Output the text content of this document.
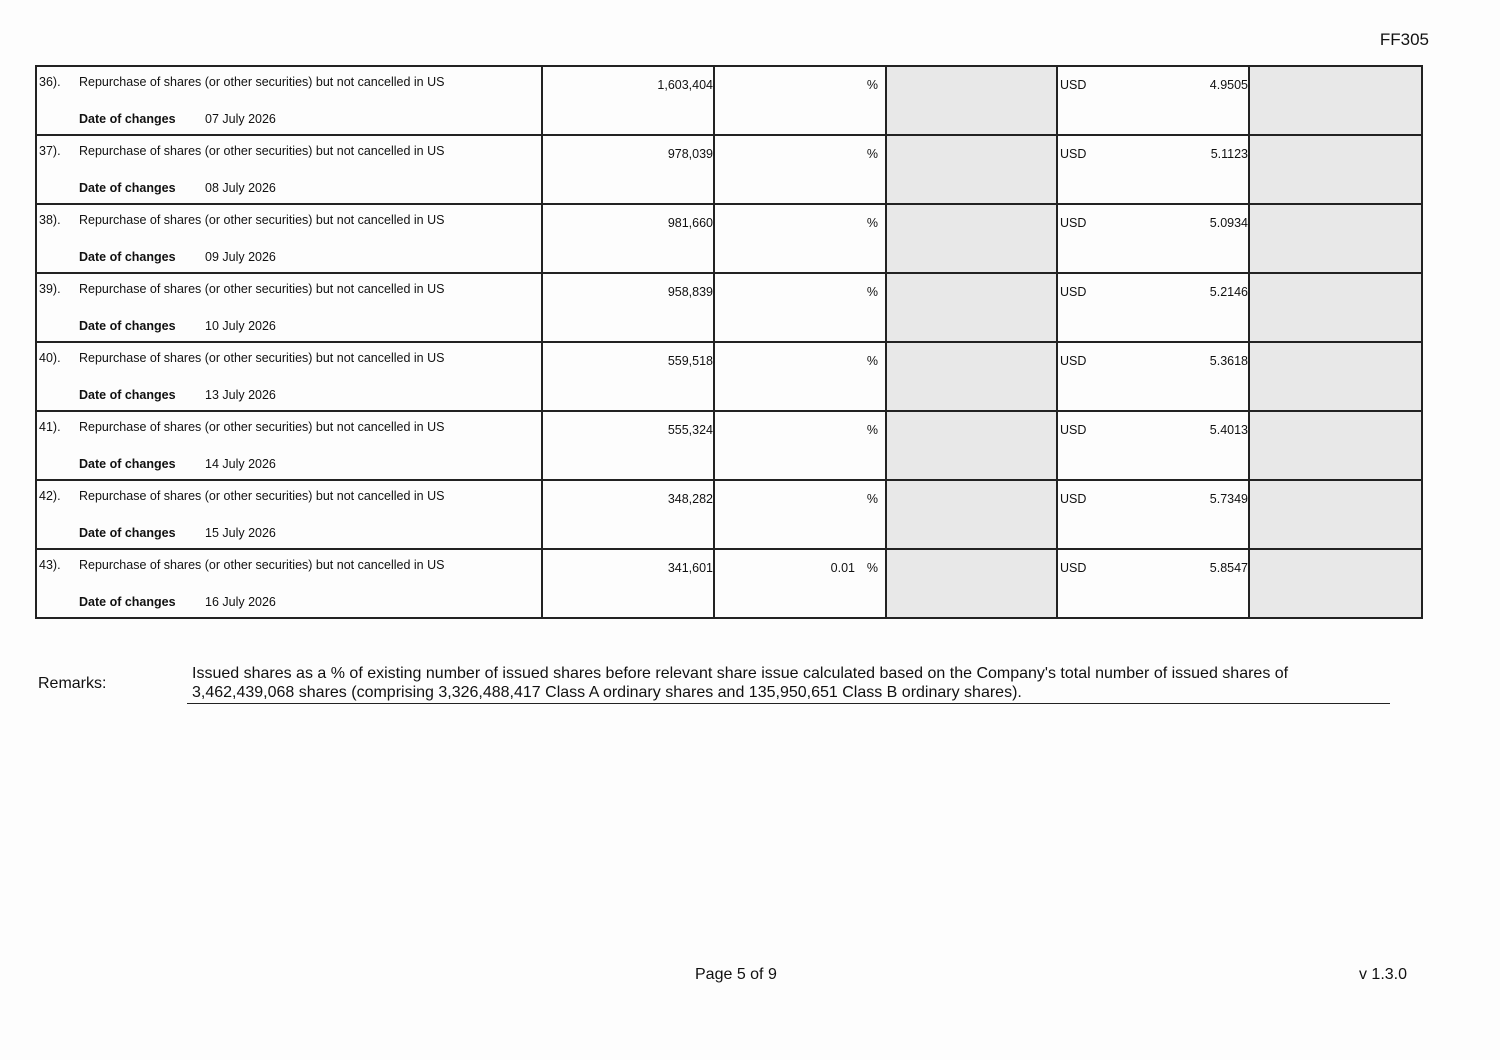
FF305
36). Repurchase of shares (or other securities) but not cancelled in US
Date of changes 07 July 2026
1,603,404	%	USD	4.9505
37). Repurchase of shares (or other securities) but not cancelled in US
Date of changes 08 July 2026
978,039	%	USD	5.1123
38). Repurchase of shares (or other securities) but not cancelled in US
Date of changes 09 July 2026
981,660	%	USD	5.0934
39). Repurchase of shares (or other securities) but not cancelled in US
Date of changes 10 July 2026
958,839	%	USD	5.2146
40). Repurchase of shares (or other securities) but not cancelled in US
Date of changes 13 July 2026
559,518	%	USD	5.3618
41). Repurchase of shares (or other securities) but not cancelled in US
Date of changes 14 July 2026
555,324	%	USD	5.4013
42). Repurchase of shares (or other securities) but not cancelled in US
Date of changes 15 July 2026
348,282	%	USD	5.7349
43). Repurchase of shares (or other securities) but not cancelled in US
Date of changes 16 July 2026
341,601	0.01 %	USD	5.8547
Remarks:
Issued shares as a % of existing number of issued shares before relevant share issue calculated based on the Company's total number of issued shares of 3,462,439,068 shares (comprising 3,326,488,417 Class A ordinary shares and 135,950,651 Class B ordinary shares).
Page 5 of 9	v 1.3.0
